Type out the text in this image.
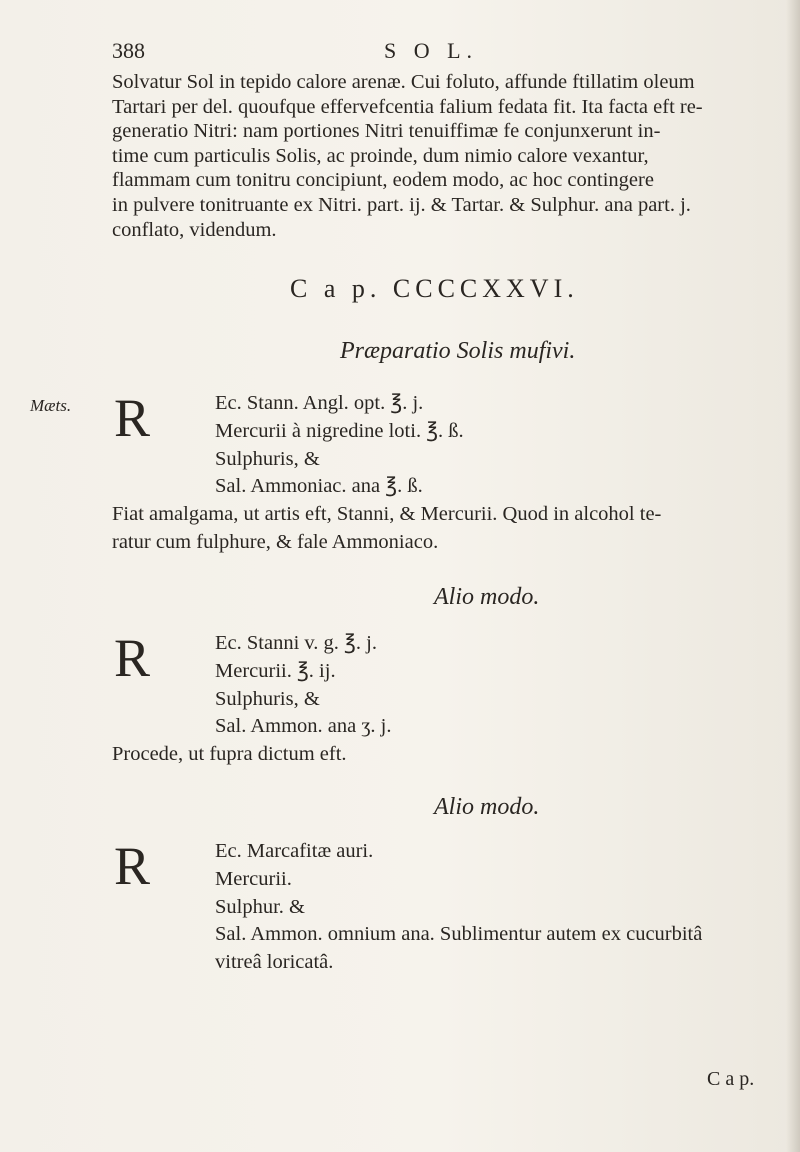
388	S O L.
Solvatur Sol in tepido calore arenæ. Cui foluto, affunde ftillatim oleum
Tartari per del. quoufque effervefcentia falium fedata fit. Ita facta eft re-
generatio Nitri: nam portiones Nitri tenuiffimæ fe conjunxerunt in-
time cum particulis Solis, ac proinde, dum nimio calore vexantur,
flammam cum tonitru concipiunt, eodem modo, ac hoc contingere
in pulvere tonitruante ex Nitri. part. ij. & Tartar. & Sulphur. ana part. j.
conflato, videndum.
C a p. CCCCXXVI.
Præparatio Solis mufivi.
Mæts. R	Ec. Stann. Angl. opt. ℥. j.
Mercurii à nigredine loti. ℥. ß.
Sulphuris, &
Sal. Ammoniac. ana ℥. ß.
Fiat amalgama, ut artis eft, Stanni, & Mercurii. Quod in alcohol te-
ratur cum fulphure, & fale Ammoniaco.
Alio modo.
R	Ec. Stanni v. g. ℥. j.
Mercurii. ℥. ij.
Sulphuris, &
Sal. Ammon. ana ʒ. j.
Procede, ut fupra dictum eft.
Alio modo.
R	Ec. Marcafitæ auri.
Mercurii.
Sulphur. &
Sal. Ammon. omnium ana. Sublimentur autem ex cucurbitâ
vitreâ loricatâ.
C a p.
